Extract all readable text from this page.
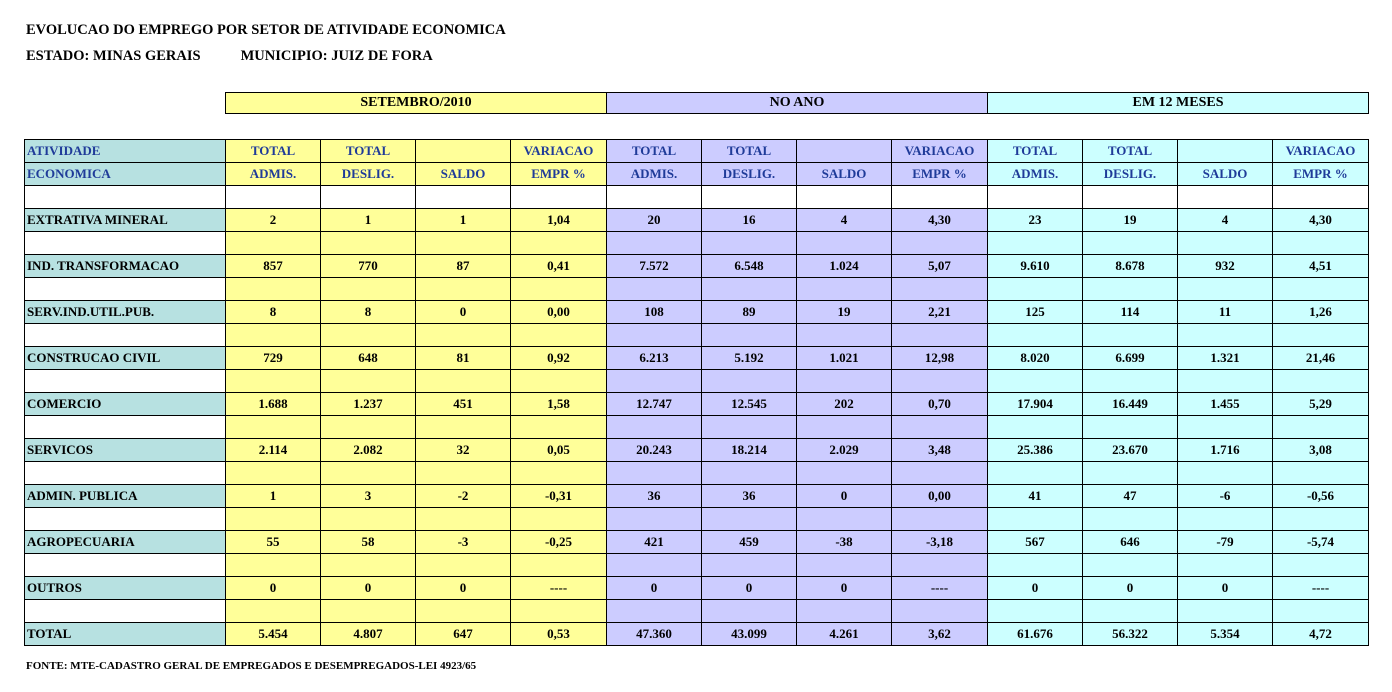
EVOLUCAO DO EMPREGO POR SETOR DE ATIVIDADE ECONOMICA
ESTADO: MINAS GERAIS	MUNICIPIO: JUIZ DE FORA
SETEMBRO/2010	NO ANO	EM 12 MESES
ATIVIDADE	TOTAL	TOTAL		VARIACAO	TOTAL	TOTAL		VARIACAO	TOTAL	TOTAL		VARIACAO
ECONOMICA	ADMIS.	DESLIG.	SALDO	EMPR %	ADMIS.	DESLIG.	SALDO	EMPR %	ADMIS.	DESLIG.	SALDO	EMPR %

EXTRATIVA MINERAL	2	1	1	1,04	20	16	4	4,30	23	19	4	4,30

IND. TRANSFORMACAO	857	770	87	0,41	7.572	6.548	1.024	5,07	9.610	8.678	932	4,51

SERV.IND.UTIL.PUB.	8	8	0	0,00	108	89	19	2,21	125	114	11	1,26

CONSTRUCAO CIVIL	729	648	81	0,92	6.213	5.192	1.021	12,98	8.020	6.699	1.321	21,46

COMERCIO	1.688	1.237	451	1,58	12.747	12.545	202	0,70	17.904	16.449	1.455	5,29

SERVICOS	2.114	2.082	32	0,05	20.243	18.214	2.029	3,48	25.386	23.670	1.716	3,08

ADMIN. PUBLICA	1	3	-2	-0,31	36	36	0	0,00	41	47	-6	-0,56

AGROPECUARIA	55	58	-3	-0,25	421	459	-38	-3,18	567	646	-79	-5,74

OUTROS	0	0	0	----	0	0	0	----	0	0	0	----

TOTAL	5.454	4.807	647	0,53	47.360	43.099	4.261	3,62	61.676	56.322	5.354	4,72
FONTE: MTE-CADASTRO GERAL DE EMPREGADOS E DESEMPREGADOS-LEI 4923/65
